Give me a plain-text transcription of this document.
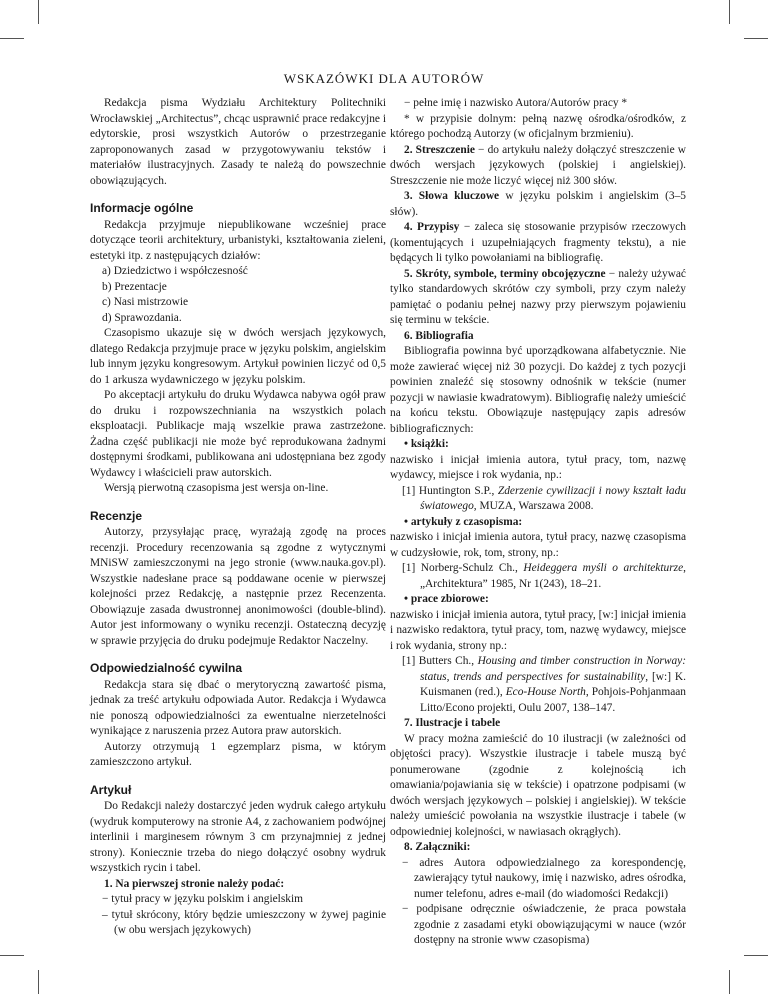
WSKAZÓWKI DLA AUTORÓW

Redakcja pisma Wydziału Architektury Politechniki Wrocławskiej „Architectus”, chcąc usprawnić prace redakcyjne i edytorskie, prosi wszystkich Autorów o przestrzeganie zaproponowanych zasad w przygotowywaniu tekstów i materiałów ilustracyjnych. Zasady te należą do powszechnie obowiązujących.

Informacje ogólne

Redakcja przyjmuje niepublikowane wcześniej prace dotyczące teorii architektury, urbanistyki, kształtowania zieleni, estetyki itp. z następujących działów:

a) Dziedzictwo i współczesność

b) Prezentacje

c) Nasi mistrzowie

d) Sprawozdania.

Czasopismo ukazuje się w dwóch wersjach językowych, dlatego Redakcja przyjmuje prace w języku polskim, angielskim lub innym języku kongresowym. Artykuł powinien liczyć od 0,5 do 1 arkusza wydawniczego w języku polskim.

Po akceptacji artykułu do druku Wydawca nabywa ogół praw do druku i rozpowszechniania na wszystkich polach eksploatacji. Publikacje mają wszelkie prawa zastrzeżone. Żadna część publikacji nie może być reprodukowana żadnymi dostępnymi środkami, publikowana ani udostępniana bez zgody Wydawcy i właścicieli praw autorskich.

Wersją pierwotną czasopisma jest wersja on-line.

Recenzje

Autorzy, przysyłając pracę, wyrażają zgodę na proces recenzji. Procedury recenzowania są zgodne z wytycznymi MNiSW zamieszczonymi na jego stronie (www.nauka.gov.pl). Wszystkie nadesłane prace są poddawane ocenie w pierwszej kolejności przez Redakcję, a następnie przez Recenzenta. Obowiązuje zasada dwustronnej anonimowości (double-blind). Autor jest informowany o wyniku recenzji. Ostateczną decyzję w sprawie przyjęcia do druku podejmuje Redaktor Naczelny.

Odpowiedzialność cywilna

Redakcja stara się dbać o merytoryczną zawartość pisma, jednak za treść artykułu odpowiada Autor. Redakcja i Wydawca nie ponoszą odpowiedzialności za ewentualne nierzetelności wynikające z naruszenia przez Autora praw autorskich.

Autorzy otrzymują 1 egzemplarz pisma, w którym zamieszczono artykuł.

Artykuł

Do Redakcji należy dostarczyć jeden wydruk całego artykułu (wydruk komputerowy na stronie A4, z zachowaniem podwójnej interlinii i marginesem równym 3 cm przynajmniej z jednej strony). Koniecznie trzeba do niego dołączyć osobny wydruk wszystkich rycin i tabel.

1. Na pierwszej stronie należy podać:

− tytuł pracy w języku polskim i angielskim

– tytuł skrócony, który będzie umieszczony w żywej paginie (w obu wersjach językowych)

− pełne imię i nazwisko Autora/Autorów pracy *

* w przypisie dolnym: pełną nazwę ośrodka/ośrodków, z którego pochodzą Autorzy (w oficjalnym brzmieniu).

2. Streszczenie − do artykułu należy dołączyć streszczenie w dwóch wersjach językowych (polskiej i angielskiej). Streszczenie nie może liczyć więcej niż 300 słów.

3. Słowa kluczowe w języku polskim i angielskim (3–5 słów).

4. Przypisy − zaleca się stosowanie przypisów rzeczowych (komentujących i uzupełniających fragmenty tekstu), a nie będących li tylko powołaniami na bibliografię.

5. Skróty, symbole, terminy obcojęzyczne − należy używać tylko standardowych skrótów czy symboli, przy czym należy pamiętać o podaniu pełnej nazwy przy pierwszym pojawieniu się terminu w tekście.

6. Bibliografia

Bibliografia powinna być uporządkowana alfabetycznie. Nie może zawierać więcej niż 30 pozycji. Do każdej z tych pozycji powinien znaleźć się stosowny odnośnik w tekście (numer pozycji w nawiasie kwadratowym). Bibliografię należy umieścić na końcu tekstu. Obowiązuje następujący zapis adresów bibliograficznych:

• książki:

nazwisko i inicjał imienia autora, tytuł pracy, tom, nazwę wydawcy, miejsce i rok wydania, np.:

[1] Huntington S.P., Zderzenie cywilizacji i nowy kształt ładu światowego, MUZA, Warszawa 2008.

• artykuły z czasopisma:

nazwisko i inicjał imienia autora, tytuł pracy, nazwę czasopisma w cudzysłowie, rok, tom, strony, np.:

[1] Norberg-Schulz Ch., Heideggera myśli o architekturze, „Architektura” 1985, Nr 1(243), 18–21.

• prace zbiorowe:

nazwisko i inicjał imienia autora, tytuł pracy, [w:] inicjał imienia i nazwisko redaktora, tytuł pracy, tom, nazwę wydawcy, miejsce i rok wydania, strony np.:

[1] Butters Ch., Housing and timber construction in Norway: status, trends and perspectives for sustainability, [w:] K. Kuismanen (red.), Eco-House North, Pohjois-Pohjanmaan Litto/Econo projekti, Oulu 2007, 138–147.

7. Ilustracje i tabele

W pracy można zamieścić do 10 ilustracji (w zależności od objętości pracy). Wszystkie ilustracje i tabele muszą być ponumerowane (zgodnie z kolejnością ich omawiania/pojawiania się w tekście) i opatrzone podpisami (w dwóch wersjach językowych – polskiej i angielskiej). W tekście należy umieścić powołania na wszystkie ilustracje i tabele (w odpowiedniej kolejności, w nawiasach okrągłych).

8. Załączniki:

− adres Autora odpowiedzialnego za korespondencję, zawierający tytuł naukowy, imię i nazwisko, adres ośrodka, numer telefonu, adres e-mail (do wiadomości Redakcji)

− podpisane odręcznie oświadczenie, że praca powstała zgodnie z zasadami etyki obowiązującymi w nauce (wzór dostępny na stronie www czasopisma)
